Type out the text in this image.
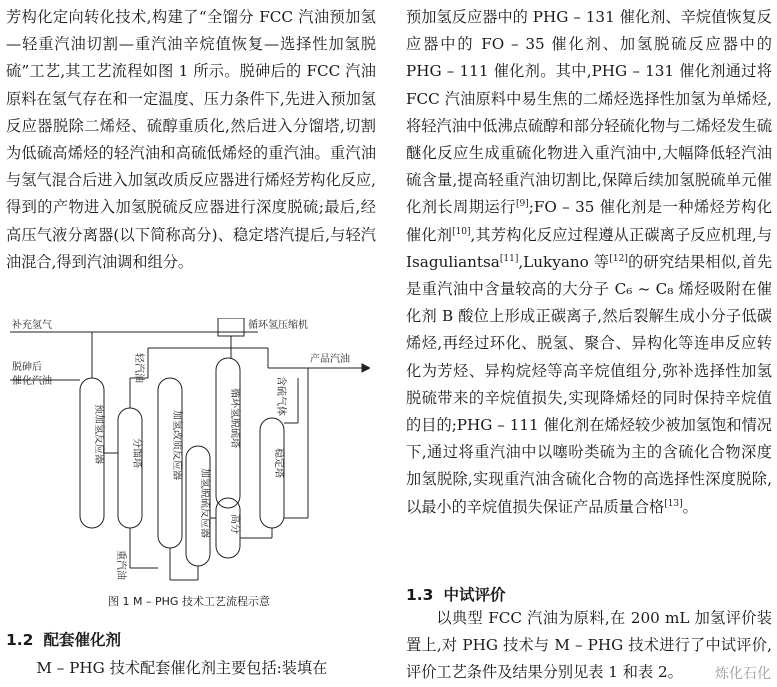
芳构化定向转化技术,构建了“全馏分 FCC 汽油预加氢—轻重汽油切割—重汽油辛烷值恢复—选择性加氢脱硫”工艺,其工艺流程如图 1 所示。脱砷后的 FCC 汽油原料在氢气存在和一定温度、压力条件下,先进入预加氢反应器脱除二烯烃、硫醇重质化,然后进入分馏塔,切割为低硫高烯烃的轻汽油和高硫低烯烃的重汽油。重汽油与氢气混合后进入加氢改质反应器进行烯烃芳构化反应,得到的产物进入加氢脱硫反应器进行深度脱硫;最后,经高压气液分离器(以下简称高分)、稳定塔汽提后,与轻汽油混合,得到汽油调和组分。

补充氢气
脱砷后
催化汽油	轻汽油
重汽油
循环氢压缩机
产品汽油
含硫气体
预加氢反应器	分馏塔	加氢改质反应器
加氢脱硫反应器
循环氢脱硫塔
高分
稳定塔
图 1 M – PHG 技术工艺流程示意
1.2 配套催化剂
M – PHG 技术配套催化剂主要包括:装填在

预加氢反应器中的 PHG – 131 催化剂、辛烷值恢复反应器中的 FO – 35 催化剂、加氢脱硫反应器中的 PHG – 111 催化剂。其中,PHG – 131 催化剂通过将 FCC 汽油原料中易生焦的二烯烃选择性加氢为单烯烃,将轻汽油中低沸点硫醇和部分轻硫化物与二烯烃发生硫醚化反应生成重硫化物进入重汽油中,大幅降低轻汽油硫含量,提高轻重汽油切割比,保障后续加氢脱硫单元催化剂长周期运行[9];FO – 35 催化剂是一种烯烃芳构化催化剂[10],其芳构化反应过程遵从正碳离子反应机理,与 Isaguliantsa[11],Lukyano 等[12]的研究结果相似,首先是重汽油中含量较高的大分子 C₆ ~ C₈ 烯烃吸附在催化剂 B 酸位上形成正碳离子,然后裂解生成小分子低碳烯烃,再经过环化、脱氢、聚合、异构化等连串反应转化为芳烃、异构烷烃等高辛烷值组分,弥补选择性加氢脱硫带来的辛烷值损失,实现降烯烃的同时保持辛烷值的目的;PHG – 111 催化剂在烯烃较少被加氢饱和情况下,通过将重汽油中以噻吩类硫为主的含硫化合物深度加氢脱除,实现重汽油含硫化合物的高选择性深度脱除,以最小的辛烷值损失保证产品质量合格[13]。

1.3 中试评价
以典型 FCC 汽油为原料,在 200 mL 加氢评价装置上,对 PHG 技术与 M – PHG 技术进行了中试评价,评价工艺条件及结果分别见表 1 和表 2。	炼化石化
